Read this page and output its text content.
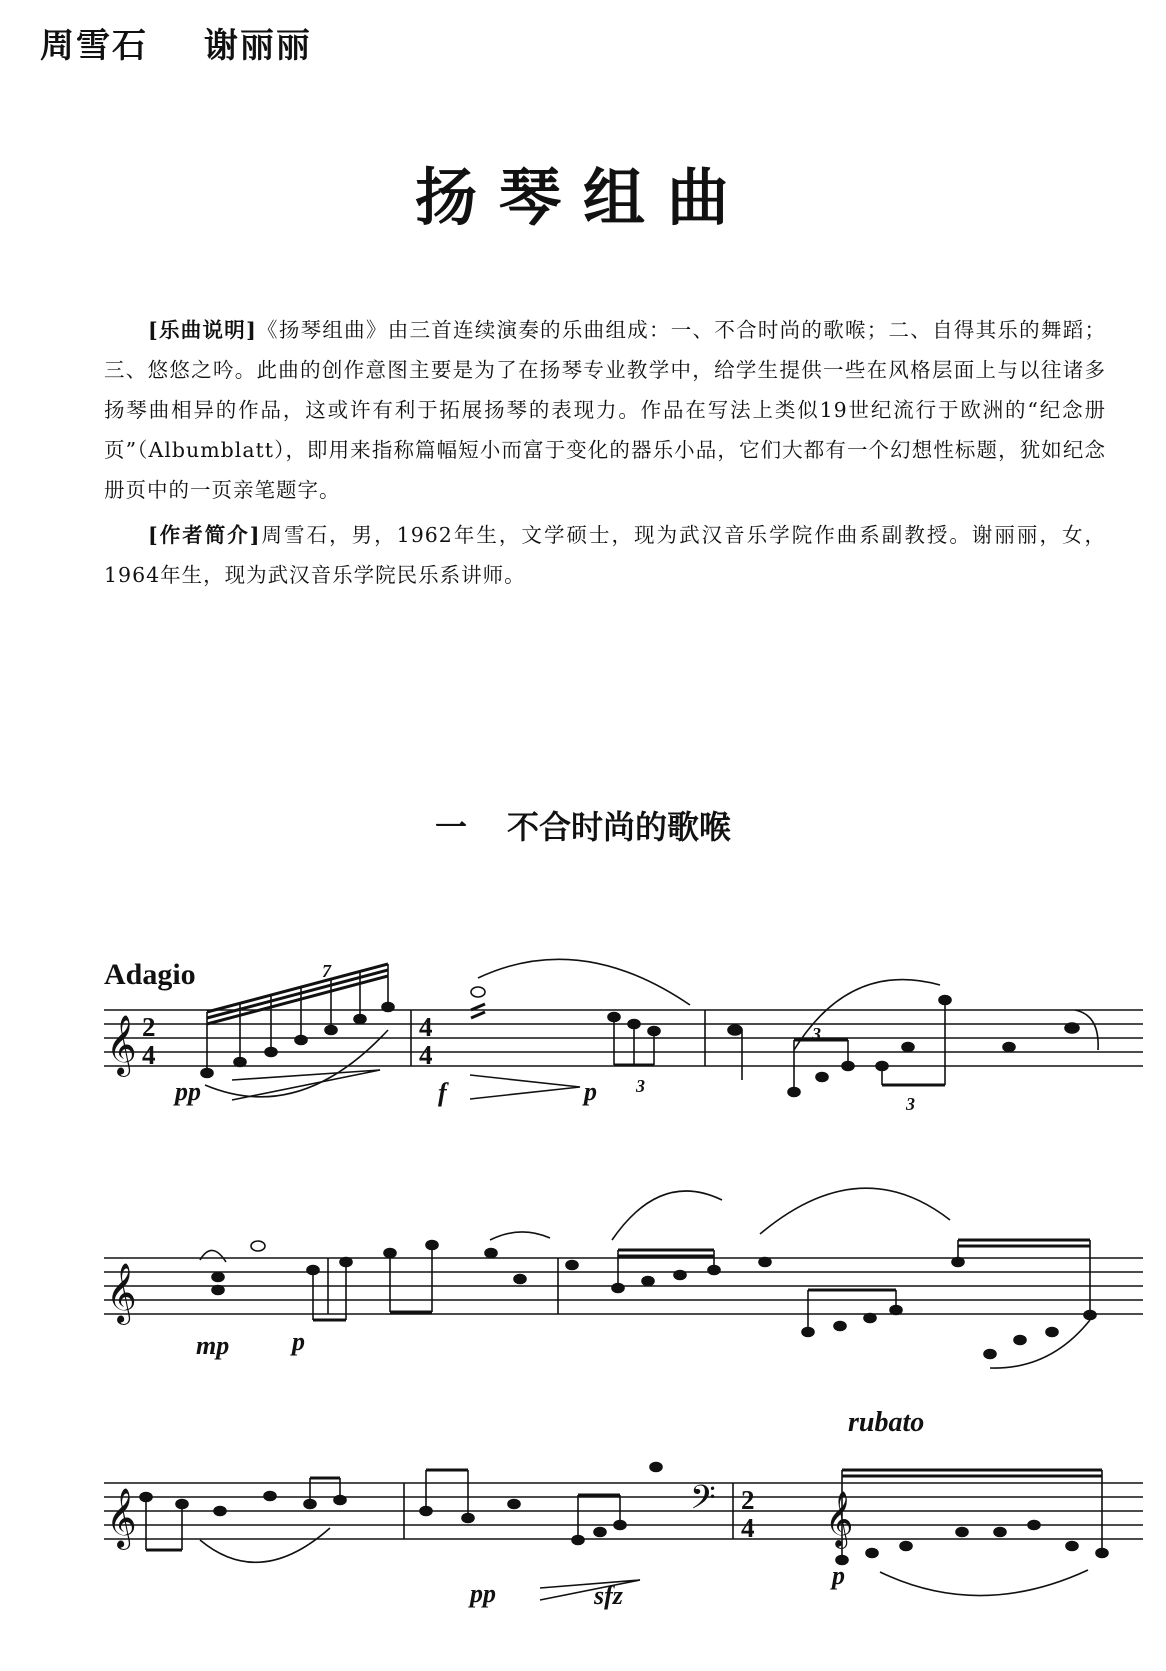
周雪石 谢丽丽
扬琴组曲
[乐曲说明]《扬琴组曲》由三首连续演奏的乐曲组成：一、不合时尚的歌喉；二、自得其乐的舞蹈；三、悠悠之吟。此曲的创作意图主要是为了在扬琴专业教学中，给学生提供一些在风格层面上与以往诸多扬琴曲相异的作品，这或许有利于拓展扬琴的表现力。作品在写法上类似19世纪流行于欧洲的“纪念册页”（Albumblatt），即用来指称篇幅短小而富于变化的器乐小品，它们大都有一个幻想性标题，犹如纪念册页中的一页亲笔题字。
[作者简介]周雪石，男，1962年生，文学硕士，现为武汉音乐学院作曲系副教授。谢丽丽，女，1964年生，现为武汉音乐学院民乐系讲师。
一 不合时尚的歌喉
Adagio
rubato
𝄞
𝄞
𝄞	𝄢 𝄞
2
4
4
4
2
4
7
3
3
3
pp	f	p
mp p
pp	sfz
p
